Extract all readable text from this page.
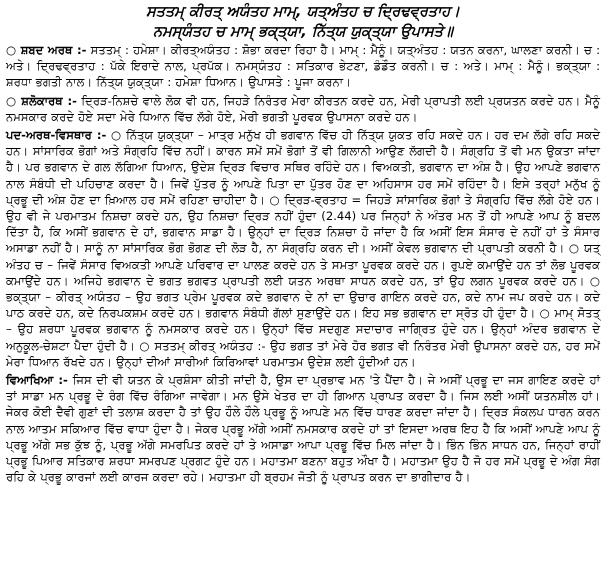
ਸਤਤਮ੍ ਕੀਰਤ੍ ਅਯੰਤਹ ਮਾਮ੍, ਯਤ੍ਅੰਤਹ ਚ ਦ੍ਰਿਢਵ੍ਰਤਾਹ।

ਨਮਸ੍ਯੰਤਹ ਚ ਮਾਮ੍ ਭਕ੍ਤ੍ਯਾ, ਨਿੱਤ੍ਯ ਯੁਕ੍ਤ੍ਯਾ ਉਪਾਸਤੇ॥

○ ਸ਼ਬਦ ਅਰਥ :- ਸਤਤਮ੍ : ਹਮੇਸ਼ਾ। ਕੀਰਤ੍ਅਯੰਤਹ : ਸ਼ੋਭਾ ਕਰਦਾ ਰਿਹਾ ਹੈ। ਮਾਮ੍ : ਮੈਨੂੰ। ਯਤ੍ਅੰਤਹ : ਯਤਨ ਕਰਨਾ, ਘਾਲਣਾ ਕਰਨੀ। ਚ : ਅਤੇ। ਦ੍ਰਿਢਵ੍ਰਤਾਹ : ਪੱਕੇ ਇਰਾਦੇ ਨਾਲ, ਪ੍ਰਪੱਕ। ਨਮਸ੍ਯੰਤਹ : ਸਤਿਕਾਰ ਭੇਟਣਾ, ਡੰਡੌਤ ਕਰਨੀ। ਚ : ਅਤੇ। ਮਾਮ੍ : ਮੈਨੂੰ। ਭਕ੍ਤ੍ਯਾ : ਸ਼ਰਧਾ ਭਗਤੀ ਨਾਲ। ਨਿੱਤ੍ਯ ਯੁਕ੍ਤ੍ਯਾ : ਹਮੇਸ਼ਾ ਧਿਆਨ। ਉਪਾਸਤੇ : ਪੂਜਾ ਕਰਨਾ।

○ ਸ਼ਲੋਕਾਰਥ :- ਦ੍ਰਿੜ-ਨਿਸ਼ਚੇ ਵਾਲੇ ਲੋਕ ਵੀ ਹਨ, ਜਿਹੜੇ ਨਿਰੰਤਰ ਮੇਰਾ ਕੀਰਤਨ ਕਰਦੇ ਹਨ, ਮੇਰੀ ਪ੍ਰਾਪਤੀ ਲਈ ਪ੍ਰਯਤਨ ਕਰਦੇ ਹਨ। ਮੈਨੂੰ ਨਮਸਕਾਰ ਕਰਦੇ ਹੋਏ ਸਦਾ ਮੇਰੇ ਧਿਆਨ ਵਿੱਚ ਲੱਗੇ ਹੋਏ, ਮੇਰੀ ਭਗਤੀ ਪੂਰਵਕ ਉਪਾਸਨਾ ਕਰਦੇ ਹਨ।

ਪਦ-ਅਰਥ-ਵਿਸਥਾਰ :- ○ ਨਿੱਤ੍ਯ ਯੁਕ੍ਤ੍ਯਾ – ਮਾਤ੍ਰ ਮਨੁੱਖ ਹੀ ਭਗਵਾਨ ਵਿੱਚ ਹੀ ਨਿੱਤ੍ਯ ਯੁਕਤ ਰਹਿ ਸਕਦੇ ਹਨ। ਹਰ ਦਮ ਲੱਗੇ ਰਹਿ ਸਕਦੇ ਹਨ। ਸਾਂਸਾਰਿਕ ਭੋਗਾਂ ਅਤੇ ਸੰਗ੍ਰਹਿ ਵਿੱਚ ਨਹੀਂ। ਕਾਰਨ ਸਮੇਂ ਸਮੇਂ ਭੋਗਾਂ ਤੋਂ ਵੀ ਗਿਲਾਨੀ ਆਉਣ ਲੱਗਦੀ ਹੈ। ਸੰਗ੍ਰਹਿ ਤੋਂ ਵੀ ਮਨ ਉਕਤਾ ਜਾਂਦਾ ਹੈ। ਪਰ ਭਗਵਾਨ ਦੇ ਗਲ ਲੱਗਿਆ ਧਿਆਨ, ਉਦੇਸ਼ ਦ੍ਰਿੜ ਵਿਚਾਰ ਸਥਿਰ ਰਹਿੰਦੇ ਹਨ। ਵਿਅਕਤੀ, ਭਗਵਾਨ ਦਾ ਅੰਸ਼ ਹੈ। ਉਹ ਆਪਣੇ ਭਗਵਾਨ ਨਾਲ ਸੰਬੰਧੀ ਦੀ ਪਹਿਚਾਣ ਕਰਦਾ ਹੈ। ਜਿਵੇਂ ਪੁੱਤਰ ਨੂੰ ਆਪਣੇ ਪਿਤਾ ਦਾ ਪੁੱਤਰ ਹੋਣ ਦਾ ਅਹਿਸਾਸ ਹਰ ਸਮੇਂ ਰਹਿੰਦਾ ਹੈ। ਇਸੇ ਤਰ੍ਹਾਂ ਮਨੁੱਖ ਨੂੰ ਪ੍ਰਭੂ ਦੀ ਅੰਸ਼ ਹੋਣ ਦਾ ਖ਼ਿਆਲ ਹਰ ਸਮੇਂ ਰਹਿਣਾ ਚਾਹੀਦਾ ਹੈ। ○ ਦ੍ਰਿੜ-ਵ੍ਰਤਾਹ = ਜਿਹੜੇ ਸਾਂਸਾਰਿਕ ਭੋਗਾਂ ਤੇ ਸੰਗ੍ਰਹਿ ਵਿੱਚ ਲੱਗੇ ਹੋਏ ਹਨ। ਉਹ ਵੀ ਜੇ ਪਰਮਾਤਮ ਨਿਸ਼ਚਾ ਕਰਦੇ ਹਨ, ਉਹ ਨਿਸ਼ਚਾ ਦ੍ਰਿੜ ਨਹੀਂ ਹੁੰਦਾ (2.44) ਪਰ ਜਿਨ੍ਹਾਂ ਨੇ ਅੰਤਰ ਮਨ ਤੋਂ ਹੀ ਆਪਣੇ ਆਪ ਨੂੰ ਬਦਲ ਦਿੱਤਾ ਹੈ, ਕਿ ਅਸੀਂ ਭਗਵਾਨ ਦੇ ਹਾਂ, ਭਗਵਾਨ ਸਾਡਾ ਹੈ। ਉਨ੍ਹਾਂ ਦਾ ਦ੍ਰਿੜ ਨਿਸ਼ਚਾ ਹੋ ਜਾਂਦਾ ਹੈ ਕਿ ਅਸੀਂ ਇਸ ਸੰਸਾਰ ਦੇ ਨਹੀਂ ਹਾਂ ਤੇ ਸੰਸਾਰ ਅਸਾਡਾ ਨਹੀਂ ਹੈ। ਸਾਨੂੰ ਨਾ ਸਾਂਸਾਰਿਕ ਭੋਗ ਭੋਗਣ ਦੀ ਲੋੜ ਹੈ, ਨਾ ਸੰਗ੍ਰਹਿ ਕਰਨ ਦੀ। ਅਸੀਂ ਕੇਵਲ ਭਗਵਾਨ ਦੀ ਪ੍ਰਾਪਤੀ ਕਰਨੀ ਹੈ। ○ ਯਤ੍ ਅੰਤਹ ਚ – ਜਿਵੇਂ ਸੰਸਾਰ ਵਿਅਕਤੀ ਆਪਣੇ ਪਰਿਵਾਰ ਦਾ ਪਾਲਣ ਕਰਦੇ ਹਨ ਤੇ ਸਮਤਾ ਪੂਰਵਕ ਕਰਦੇ ਹਨ। ਰੁਪਏ ਕਮਾਉਂਦੇ ਹਨ ਤਾਂ ਲੋਭ ਪੂਰਵਕ ਕਮਾਉਂਦੇ ਹਨ। ਅਜਿਹੇ ਭਗਵਾਨ ਦੇ ਭਗਤ ਭਗਵਤ ਪ੍ਰਾਪਤੀ ਲਈ ਯਤਨ ਅਰਥਾ ਸਾਧਨ ਕਰਦੇ ਹਨ, ਤਾਂ ਉਹ ਲਗਨ ਪੂਰਵਕ ਕਰਦੇ ਹਨ। ○ ਭਕ੍ਤ੍ਯਾ – ਕੀਰਤ੍ ਅਯੰਤਹ – ਉਹ ਭਗਤ ਪ੍ਰੇਮ ਪੂਰਵਕ ਕਦੇ ਭਗਵਾਨ ਦੇ ਨਾਂ ਦਾ ਉਚਾਰ ਗਾਇਨ ਕਰਦੇ ਹਨ, ਕਦੇ ਨਾਮ ਜਪ ਕਰਦੇ ਹਨ। ਕਦੇ ਪਾਠ ਕਰਦੇ ਹਨ, ਕਦੇ ਨਿਰਪਕਸ਼ਮ ਕਰਦੇ ਹਨ। ਭਗਵਾਨ ਸੰਬੰਧੀ ਗੱਲਾਂ ਸੁਣਾਉਂਦੇ ਹਨ। ਇਹ ਸਭ ਭਗਵਾਨ ਦਾ ਸ੍ਰੋਤ ਹੀ ਹੁੰਦਾ ਹੈ। ○ ਮਾਮ੍ ਸੋਤਤ੍ – ਉਹ ਸ਼ਰਧਾ ਪੂਰਵਕ ਭਗਵਾਨ ਨੂੰ ਨਮਸਕਾਰ ਕਰਦੇ ਹਨ। ਉਨ੍ਹਾਂ ਵਿੱਚ ਸਦਗੁਣ ਸਦਾਚਾਰ ਜਾਗ੍ਰਿਤ ਹੁੰਦੇ ਹਨ। ਉਨ੍ਹਾਂ ਅੰਦਰ ਭਗਵਾਨ ਦੇ ਅਨੁਕੂਲ-ਚੇਸ਼ਟਾ ਪੈਦਾ ਹੁੰਦੀ ਹੈ। ○ ਸਤਤਮ੍ ਕੀਰਤ੍ ਅਯੰਤਹ :- ਉਹ ਭਗਤ ਤਾਂ ਮੇਰੇ ਹੋਰ ਭਗਤ ਵੀ ਨਿਰੰਤਰ ਮੇਰੀ ਉਪਾਸਨਾ ਕਰਦੇ ਹਨ, ਹਰ ਸਮੇਂ ਮੇਰਾ ਧਿਆਨ ਰੱਖਦੇ ਹਨ। ਉਨ੍ਹਾਂ ਦੀਆਂ ਸਾਰੀਆਂ ਕਿਰਿਆਵਾਂ ਪਰਮਾਤਮ ਉਦੇਸ਼ ਲਈ ਹੁੰਦੀਆਂ ਹਨ।

ਵਿਆਖਿਆ :- ਜਿਸ ਦੀ ਵੀ ਯਤਨ ਕੇ ਪ੍ਰਸ਼ੰਸਾ ਕੀਤੀ ਜਾਂਦੀ ਹੈ, ਉਸ ਦਾ ਪ੍ਰਭਾਵ ਮਨ 'ਤੇ ਪੈਂਦਾ ਹੈ। ਜੇ ਅਸੀਂ ਪ੍ਰਭੂ ਦਾ ਜਸ ਗਾਇਣ ਕਰਦੇ ਹਾਂ ਤਾਂ ਸਾਡਾ ਮਨ ਪ੍ਰਭੂ ਦੇ ਰੰਗ ਵਿੱਚ ਰੰਗਿਆ ਜਾਵੇਗਾ। ਮਨ ਉਸੇ ਖੇਤਰ ਦਾ ਹੀ ਗਿਆਨ ਪ੍ਰਾਪਤ ਕਰਦਾ ਹੈ। ਜਿਸ ਲਈ ਅਸੀਂ ਯਤਨਸ਼ੀਲ ਹਾਂ। ਜੇਕਰ ਕੋਈ ਦੈਵੀ ਗੁਣਾਂ ਦੀ ਤਲਾਸ਼ ਕਰਦਾ ਹੈ ਤਾਂ ਉਹ ਹੌਲੇ ਹੌਲੇ ਪ੍ਰਭੂ ਨੂੰ ਆਪਣੇ ਮਨ ਵਿੱਚ ਧਾਰਣ ਕਰਦਾ ਜਾਂਦਾ ਹੈ। ਦ੍ਰਿੜ ਸੰਕਲਪ ਧਾਰਨ ਕਰਨ ਨਾਲ ਆਤਮ ਸਕਿਆਰ ਵਿੱਚ ਵਾਧਾ ਹੁੰਦਾ ਹੈ। ਜੇਕਰ ਪ੍ਰਭੂ ਅੱਗੇ ਅਸੀਂ ਨਮਸਕਾਰ ਕਰਦੇ ਹਾਂ ਤਾਂ ਇਸਦਾ ਅਰਥ ਇਹ ਹੈ ਕਿ ਅਸੀਂ ਆਪਣੇ ਆਪ ਨੂੰ ਪ੍ਰਭੂ ਅੱਗੇ ਸਭ ਕੁੱਝ ਨੂੰ, ਪ੍ਰਭੂ ਅੱਗੇ ਸਮਰਪਿਤ ਕਰਦੇ ਹਾਂ ਤੇ ਅਸਾਡਾ ਆਪਾ ਪ੍ਰਭੂ ਵਿੱਚ ਮਿਲ ਜਾਂਦਾ ਹੈ। ਭਿੰਨ ਭਿੰਨ ਸਾਧਨ ਹਨ, ਜਿਨ੍ਹਾਂ ਰਾਹੀਂ ਪ੍ਰਭੂ ਪਿਆਰ ਸਤਿਕਾਰ ਸ਼ਰਧਾ ਸਮਰਪਣ ਪ੍ਰਗਟ ਹੁੰਦੇ ਹਨ। ਮਹਾਤਮਾ ਬਣਨਾ ਬਹੁਤ ਔਖਾ ਹੈ। ਮਹਾਤਮਾ ਉਹ ਹੈ ਜੋ ਹਰ ਸਮੇਂ ਪ੍ਰਭੂ ਦੇ ਅੰਗ ਸੰਗ ਰਹਿ ਕੇ ਪ੍ਰਭੂ ਕਾਰਜਾਂ ਲਈ ਕਾਰਜ ਕਰਦਾ ਰਹੇ। ਮਹਾਤਮਾ ਹੀ ਬ੍ਰਹਮ ਜੋਤੀ ਨੂੰ ਪ੍ਰਾਪਤ ਕਰਨ ਦਾ ਭਾਗੀਦਾਰ ਹੈ।
